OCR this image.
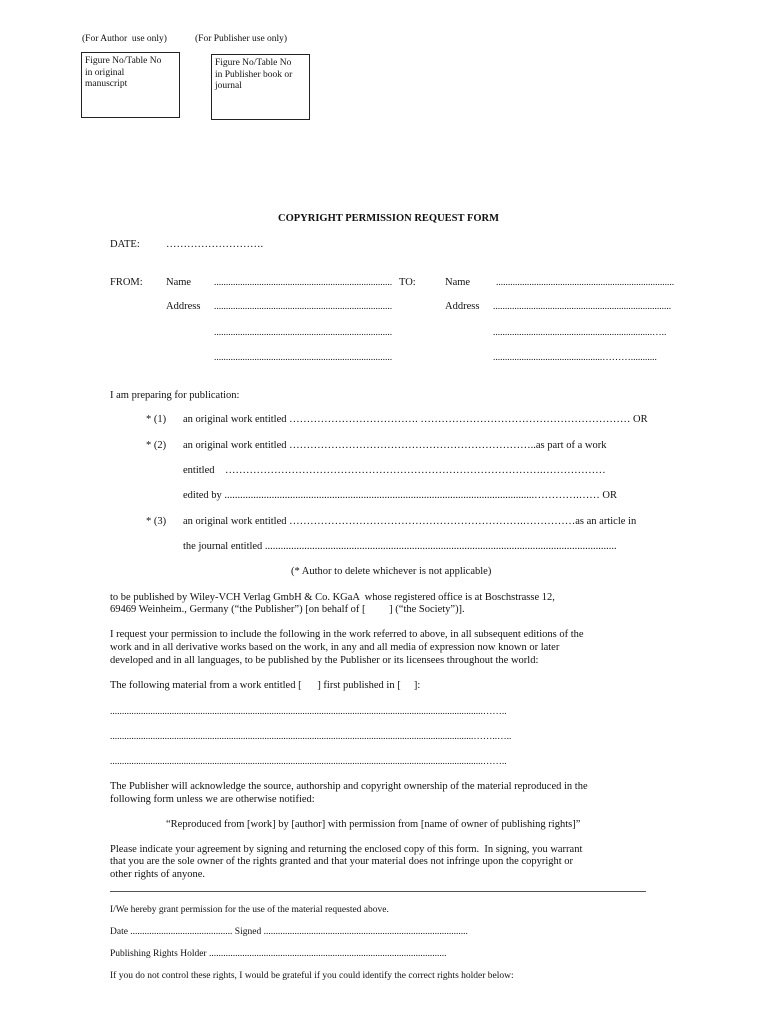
(For Author  use only)	(For Publisher use only)
Figure No/Table No
in original
manuscript
Figure No/Table No
in Publisher book or
journal
COPYRIGHT PERMISSION REQUEST FORM
DATE:	……………………….
FROM: Name ........................................................................... TO:	Name	...........................................................................
Address ...........................................................................	Address ...........................................................................
...........................................................................	...................................................................…..
...........................................................................	..............................................………...........
I am preparing for publication:
* (1) an original work entitled ………………………………. …………………………………………………… OR
* (2) an original work entitled ……………………………………………………………..as part of a work
entitled    ……………………………………………………………………………….………………
edited by ......................................................................................................................………….…… OR
* (3) an original work entitled ………………………………………………………….……………as an article in
the journal entitled ......................................................................................................................................
(* Author to delete whichever is not applicable)
to be published by Wiley-VCH Verlag GmbH & Co. KGaA  whose registered office is at Boschstrasse 12,
69469 Weinheim., Germany (“the Publisher”) [on behalf of [         ] (“the Society”)].
I request your permission to include the following in the work referred to above, in all subsequent editions of the
work and in all derivative works based on the work, in any and all media of expression now known or later
developed and in all languages, to be published by the Publisher or its licensees throughout the world:
The following material from a work entitled [      ] first published in [     ]:
.............................................................................................................................................................……..
.........................................................................................................................................................……..…..
.............................................................................................................................................................……..
The Publisher will acknowledge the source, authorship and copyright ownership of the material reproduced in the
following form unless we are otherwise notified:
“Reproduced from [work] by [author] with permission from [name of owner of publishing rights]”
Please indicate your agreement by signing and returning the enclosed copy of this form.  In signing, you warrant
that you are the sole owner of the rights granted and that your material does not infringe upon the copyright or
other rights of anyone.
I/We hereby grant permission for the use of the material requested above.
Date ........................................... Signed ......................................................................................
Publishing Rights Holder ....................................................................................................
If you do not control these rights, I would be grateful if you could identify the correct rights holder below:
